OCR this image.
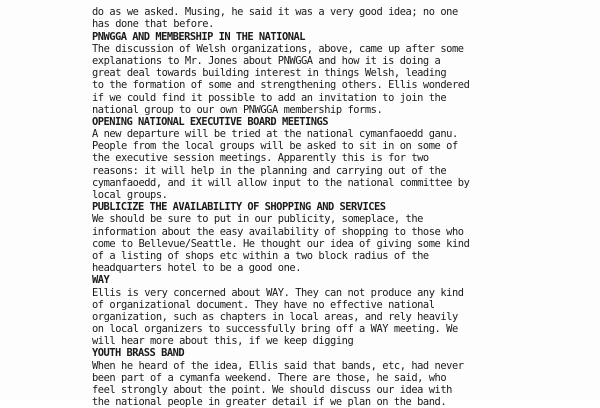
do as we asked. Musing, he said it was a very good idea; no one
has done that before.
PNWGGA AND MEMBERSHIP IN THE NATIONAL
The discussion of Welsh organizations, above, came up after some
explanations to Mr. Jones about PNWGGA and how it is doing a
great deal towards building interest in things Welsh, leading
to the formation of some and strengthening others. Ellis wondered
if we could find it possible to add an invitation to join the
national group to our own PNWGGA membership forms.
OPENING NATIONAL EXECUTIVE BOARD MEETINGS
A new departure will be tried at the national cymanfaoedd ganu.
People from the local groups will be asked to sit in on some of
the executive session meetings. Apparently this is for two
reasons: it will help in the planning and carrying out of the
cymanfaoedd, and it will allow input to the national committee by
local groups.
PUBLICIZE THE AVAILABILITY OF SHOPPING AND SERVICES
We should be sure to put in our publicity, someplace, the
information about the easy availability of shopping to those who
come to Bellevue/Seattle. He thought our idea of giving some kind
of a listing of shops etc within a two block radius of the
headquarters hotel to be a good one.
WAY
Ellis is very concerned about WAY. They can not produce any kind
of organizational document. They have no effective national
organization, such as chapters in local areas, and rely heavily
on local organizers to successfully bring off a WAY meeting. We
will hear more about this, if we keep digging
YOUTH BRASS BAND
When he heard of the idea, Ellis said that bands, etc, had never
been part of a cymanfa weekend. There are those, he said, who
feel strongly about the point. We should discuss our idea with
the national people in greater detail if we plan on the band.
